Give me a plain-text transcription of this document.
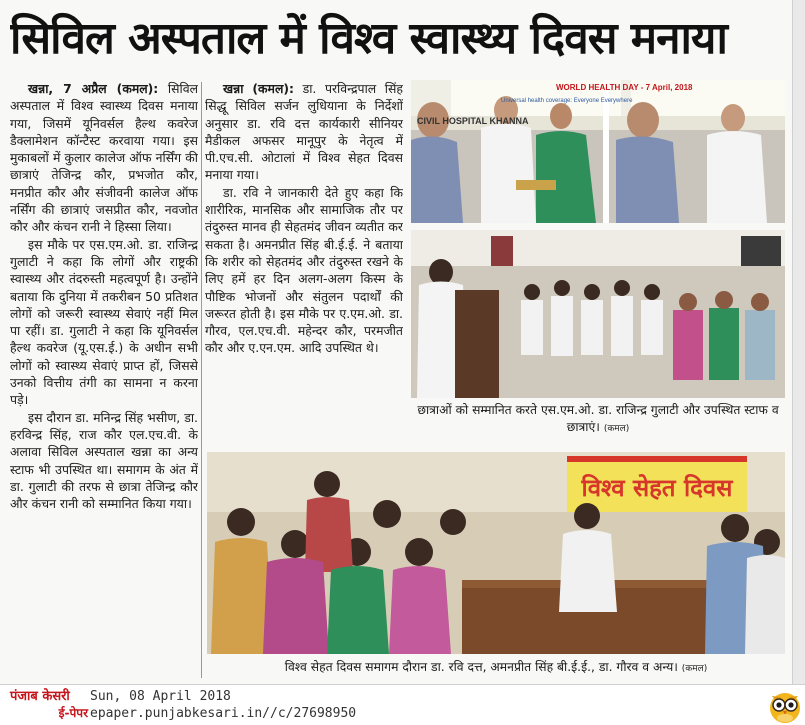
सिविल अस्पताल में विश्व स्वास्थ्य दिवस मनाया

खन्ना, 7 अप्रैल (कमल): सिविल अस्पताल में विश्व स्वास्थ्य दिवस मनाया गया, जिसमें यूनिवर्सल हैल्थ कवरेज डैक्लामेशन कॉन्टैस्ट करवाया गया। इस मुकाबलों में कुलार कालेज ऑफ नर्सिंग की छात्राएं तेजिन्द्र कौर, प्रभजोत कौर, मनप्रीत कौर और संजीवनी कालेज ऑफ नर्सिंग की छात्राएं जसप्रीत कौर, नवजोत कौर और कंचन रानी ने हिस्सा लिया।

इस मौके पर एस.एम.ओ. डा. राजिन्द्र गुलाटी ने कहा कि लोगों और राष्ट्रकी स्वास्थ्य और तंदरुस्ती महत्वपूर्ण है। उन्होंने बताया कि दुनिया में तकरीबन 50 प्रतिशत लोगों को जरूरी स्वास्थ्य सेवाएं नहीं मिल पा रहीं। डा. गुलाटी ने कहा कि यूनिवर्सल हैल्थ कवरेज (यू.एस.ई.) के अधीन सभी लोगों को स्वास्थ्य सेवाएं प्राप्त हों, जिससे उनको वित्तीय तंगी का सामना न करना पड़े।

इस दौरान डा. मनिन्द्र सिंह भसीण, डा. हरविन्द्र सिंह, राज कौर एल.एच.वी. के अलावा सिविल अस्पताल खन्ना का अन्य स्टाफ भी उपस्थित था। समागम के अंत में डा. गुलाटी की तरफ से छात्रा तेजिन्द्र कौर और कंचन रानी को सम्मानित किया गया।

खन्ना (कमल): डा. परविन्द्रपाल सिंह सिद्धू सिविल सर्जन लुधियाना के निर्देशों अनुसार डा. रवि दत्त कार्यकारी सीनियर मैडीकल अफसर मानूपुर के नेतृत्व में पी.एच.सी. ओटालां में विश्व सेहत दिवस मनाया गया।

डा. रवि ने जानकारी देते हुए कहा कि शारीरिक, मानसिक और सामाजिक तौर पर तंदुरुस्त मानव ही सेहतमंद जीवन व्यतीत कर सकता है। अमनप्रीत सिंह बी.ई.ई. ने बताया कि शरीर को सेहतमंद और तंदुरुस्त रखने के लिए हमें हर दिन अलग-अलग किस्म के पौष्टिक भोजनों और संतुलन पदार्थों की जरूरत होती है। इस मौके पर ए.एम.ओ. डा. गौरव, एल.एच.वी. महेन्दर कौर, परमजीत कौर और ए.एन.एम. आदि उपस्थित थे।

WORLD HEALTH DAY - 7 April, 2018
Universal health coverage: Everyone Everywhere
CIVIL HOSPITAL KHANNA
छात्राओं को सम्मानित करते एस.एम.ओ. डा. राजिन्द्र गुलाटी और उपस्थित स्टाफ व छात्राएं। (कमल)
विश्व सेहत दिवस
विश्व सेहत दिवस समागम दौरान डा. रवि दत्त, अमनप्रीत सिंह बी.ई.ई., डा. गौरव व अन्य। (कमल)
पंजाब केसरी
ई-पेपर
Sun, 08 April 2018
epaper.punjabkesari.in//c/27698950
